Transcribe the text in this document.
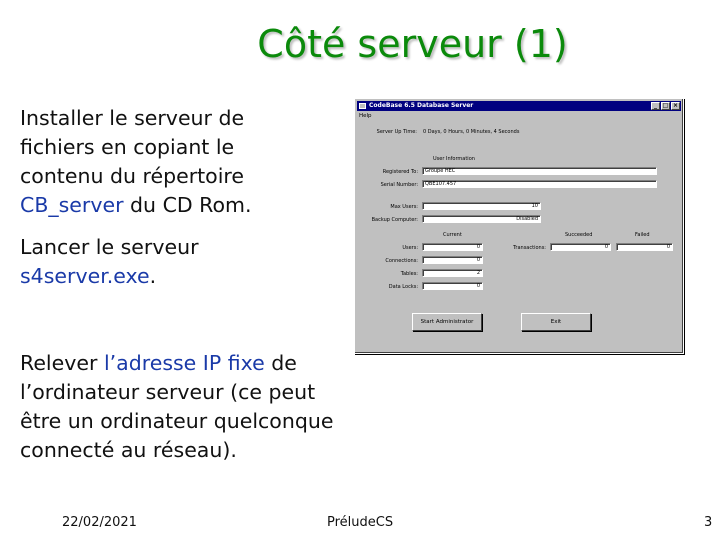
Côté serveur (1)
Installer le serveur de fichiers en copiant le contenu du répertoire CB_server du CD Rom.
Lancer le serveur s4server.exe.
Relever l’adresse IP fixe de l’ordinateur serveur (ce peut être un ordinateur quelconque connecté au réseau).
CodeBase 6.5 Database Server	_ □ ×
Help
Server Up Time: 0 Days, 0 Hours, 0 Minutes, 4 Seconds
User Information
Registered To:	Groupe HEC
Serial Number:	QBE107.457
Max Users:	10
Backup Computer:	Disabled
Current	Succeeded	Failed
Users:	0	Transactions:	0	0
Connections:	0
Tables:	2
Data Locks:	0
Start Administrator	Exit
22/02/2021	PréludeCS	3
